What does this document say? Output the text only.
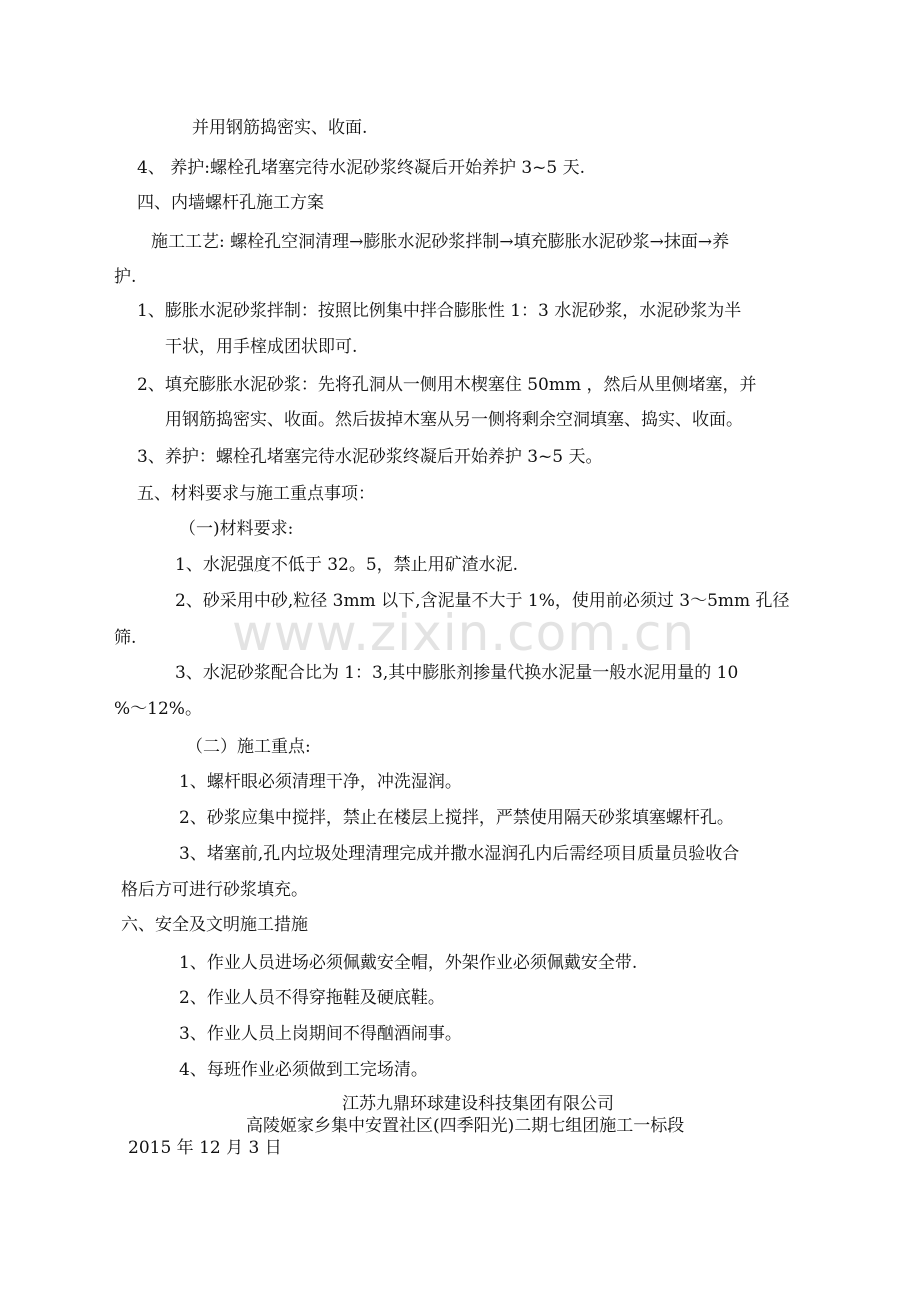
www.zixin.com.cn
并用钢筋捣密实、收面.
4、 养护:螺栓孔堵塞完待水泥砂浆终凝后开始养护 3~5 天.
四、内墙螺杆孔施工方案
施工工艺: 螺栓孔空洞清理→膨胀水泥砂浆拌制→填充膨胀水泥砂浆→抹面→养
护.
1、膨胀水泥砂浆拌制：按照比例集中拌合膨胀性 1：3 水泥砂浆，水泥砂浆为半
干状，用手榁成团状即可.
2、填充膨胀水泥砂浆：先将孔洞从一侧用木楔塞住 50mm ，然后从里侧堵塞，并
用钢筋捣密实、收面。然后拔掉木塞从另一侧将剩余空洞填塞、捣实、收面。
3、养护：螺栓孔堵塞完待水泥砂浆终凝后开始养护 3~5 天。
五、材料要求与施工重点事项：
（一)材料要求:
1、水泥强度不低于 32。5，禁止用矿渣水泥.
2、砂采用中砂,粒径 3mm 以下,含泥量不大于 1%，使用前必须过 3～5mm 孔径
筛.
3、水泥砂浆配合比为 1：3,其中膨胀剂掺量代换水泥量一般水泥用量的 10
%～12%。
（二）施工重点:
1、螺杆眼必须清理干净，冲洗湿润。
2、砂浆应集中搅拌，禁止在楼层上搅拌，严禁使用隔天砂浆填塞螺杆孔。
3、堵塞前,孔内垃圾处理清理完成并撒水湿润孔内后需经项目质量员验收合
格后方可进行砂浆填充。
六、安全及文明施工措施
1、作业人员进场必须佩戴安全帽，外架作业必须佩戴安全带.
2、作业人员不得穿拖鞋及硬底鞋。
3、作业人员上岗期间不得酗酒闹事。
4、每班作业必须做到工完场清。
江苏九鼎环球建设科技集团有限公司
高陵姬家乡集中安置社区(四季阳光)二期七组团施工一标段
2015 年 12 月 3 日
